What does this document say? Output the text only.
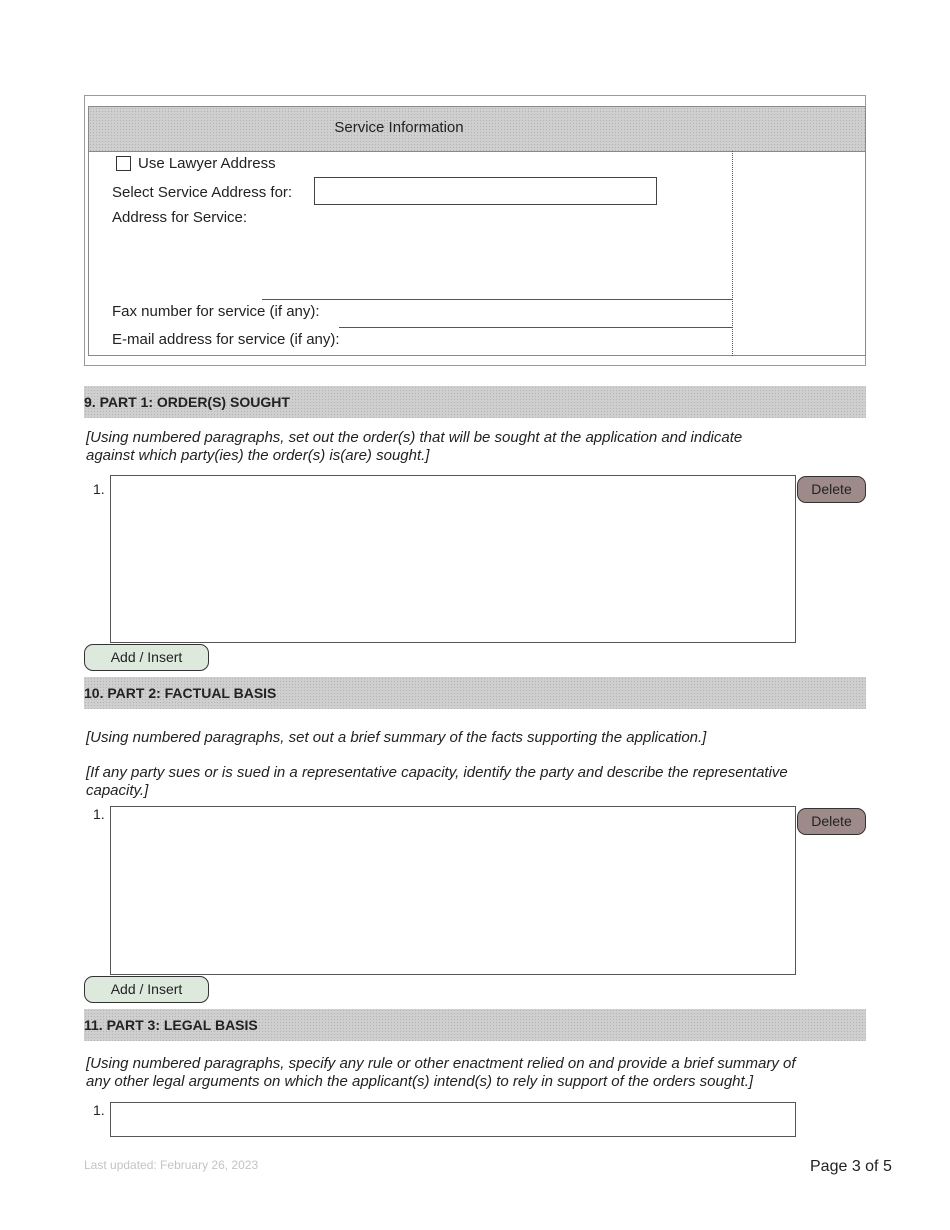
Service Information
Use Lawyer Address
Select Service Address for:
Address for Service:
Fax number for service (if any):
E-mail address for service (if any):
9. PART 1: ORDER(S) SOUGHT
[Using numbered paragraphs, set out the order(s) that will be sought at the application and indicate against which party(ies) the order(s) is(are) sought.]
1.	Delete
Add / Insert
10. PART 2: FACTUAL BASIS
[Using numbered paragraphs, set out a brief summary of the facts supporting the application.]
[If any party sues or is sued in a representative capacity, identify the party and describe the representative capacity.]
1.	Delete
Add / Insert
11. PART 3: LEGAL BASIS
[Using numbered paragraphs, specify any rule or other enactment relied on and provide a brief summary of any other legal arguments on which the applicant(s) intend(s) to rely in support of the orders sought.]
1.
Last updated: February 26, 2023	Page 3 of 5
